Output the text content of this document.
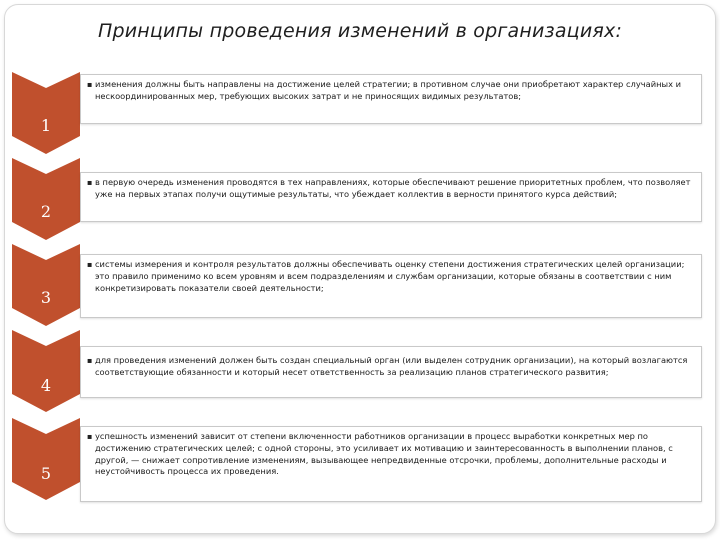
Принципы проведения изменений в организациях:
1
▪ изменения должны быть направлены на достижение целей стратегии; в противном случае они приобретают характер случайных и нескоординированных мер, требующих высоких затрат и не приносящих видимых результатов;
2
▪ в первую очередь изменения проводятся в тех направлениях, которые обеспечивают решение приоритетных проблем, что позволяет уже на первых этапах получи ощутимые результаты, что убеждает коллектив в верности принятого курса действий;
3
▪ системы измерения и контроля результатов должны обеспечивать оценку степени достижения стратегических целей организации; это правило применимо ко всем уровням и всем подразделениям и службам организации, которые обязаны в соответствии с ним конкретизировать показатели своей деятельности;
4
▪ для проведения изменений должен быть создан специальный орган (или выделен сотрудник организации), на который возлагаются соответствующие обязанности и который несет ответственность за реализацию планов стратегического развития;
5
▪ успешность изменений зависит от степени включенности работников организации в процесс выработки конкретных мер по достижению стратегических целей; с одной стороны, это усиливает их мотивацию и заинтересованность в выполнении планов, с другой, — снижает сопротивление изменениям, вызывающее непредвиденные отсрочки, проблемы, дополнительные расходы и неустойчивость процесса их проведения.
